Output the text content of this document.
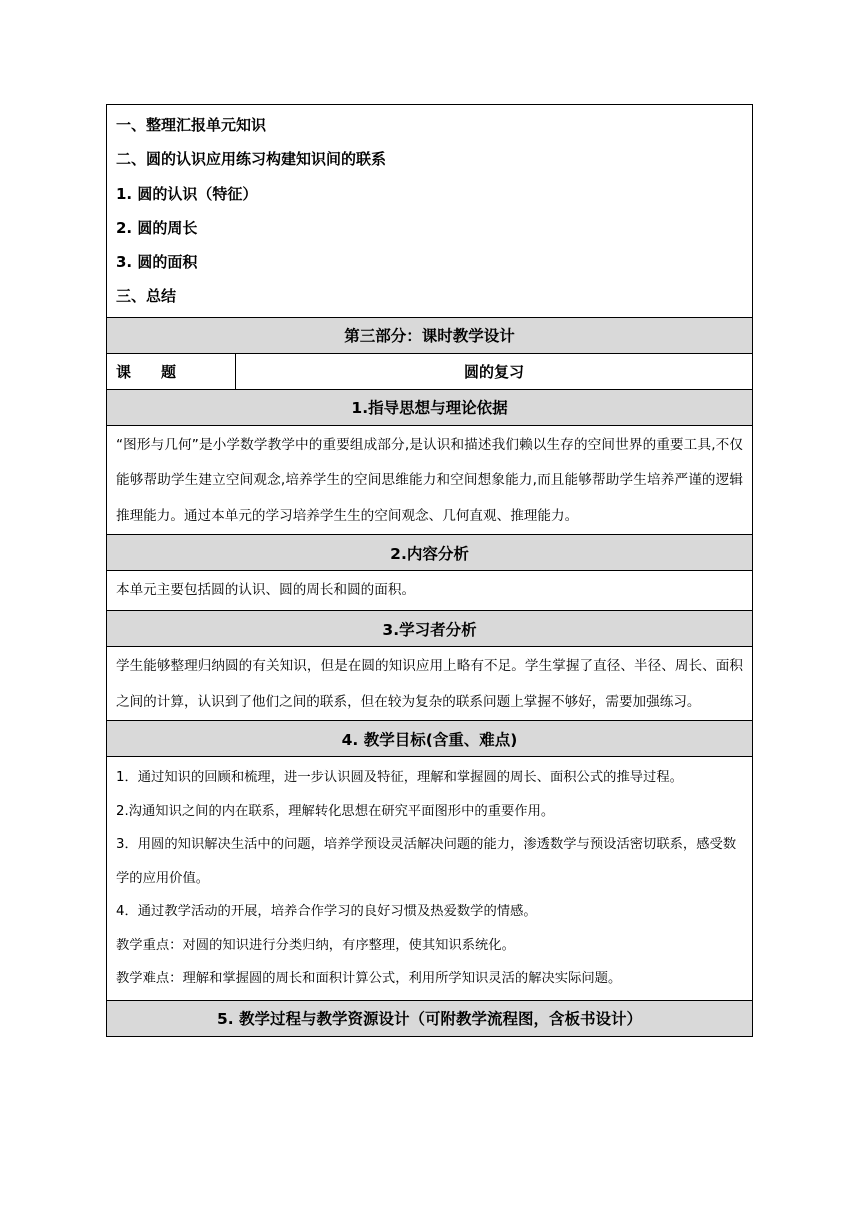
一、整理汇报单元知识
二、圆的认识应用练习构建知识间的联系
1. 圆的认识（特征）
2. 圆的周长
3. 圆的面积
三、总结

第三部分：课时教学设计
课　　题	圆的复习
1.指导思想与理论依据
“图形与几何”是小学数学教学中的重要组成部分,是认识和描述我们赖以生存的空间世界的重要工具,不仅能够帮助学生建立空间观念,培养学生的空间思维能力和空间想象能力,而且能够帮助学生培养严谨的逻辑推理能力。通过本单元的学习培养学生生的空间观念、几何直观、推理能力。
2.内容分析
本单元主要包括圆的认识、圆的周长和圆的面积。
3.学习者分析
学生能够整理归纳圆的有关知识，但是在圆的知识应用上略有不足。学生掌握了直径、半径、周长、面积之间的计算，认识到了他们之间的联系，但在较为复杂的联系问题上掌握不够好，需要加强练习。
4. 教学目标(含重、难点)

1．通过知识的回顾和梳理，进一步认识圆及特征，理解和掌握圆的周长、面积公式的推导过程。
2.沟通知识之间的内在联系，理解转化思想在研究平面图形中的重要作用。
3．用圆的知识解决生活中的问题，培养学预设灵活解决问题的能力，渗透数学与预设活密切联系，感受数学的应用价值。
4．通过教学活动的开展，培养合作学习的良好习惯及热爱数学的情感。
教学重点：对圆的知识进行分类归纳，有序整理，使其知识系统化。
教学难点：理解和掌握圆的周长和面积计算公式，利用所学知识灵活的解决实际问题。

5. 教学过程与教学资源设计（可附教学流程图，含板书设计）
